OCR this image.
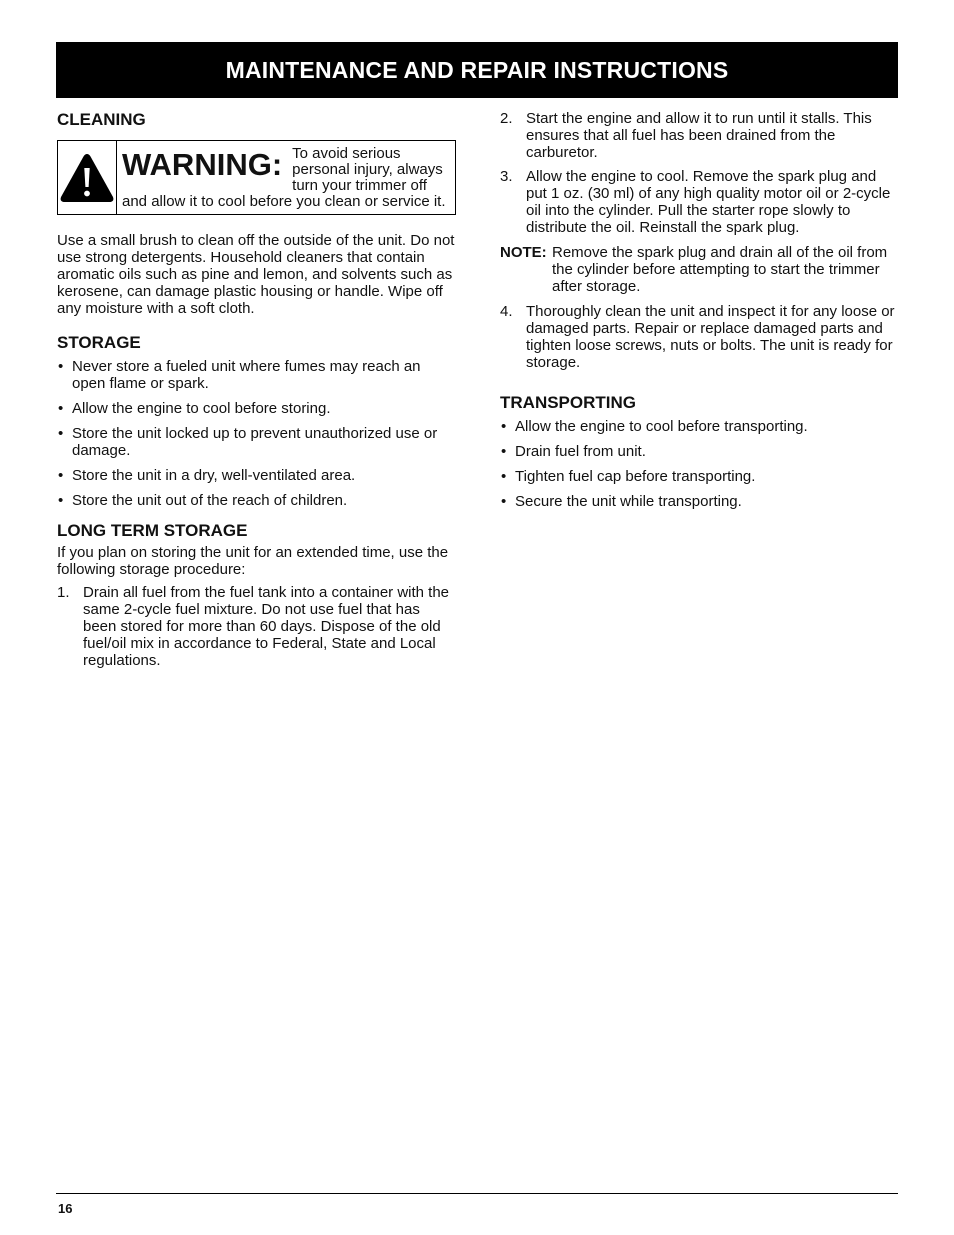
MAINTENANCE AND REPAIR INSTRUCTIONS
CLEANING
WARNING: To avoid serious personal injury, always turn your trimmer off and allow it to cool before you clean or service it.

Use a small brush to clean off the outside of the unit. Do not use strong detergents. Household cleaners that contain aromatic oils such as pine and lemon, and solvents such as kerosene, can damage plastic housing or handle. Wipe off any moisture with a soft cloth.

STORAGE
• Never store a fueled unit where fumes may reach an open flame or spark.
• Allow the engine to cool before storing.
• Store the unit locked up to prevent unauthorized use or damage.
• Store the unit in a dry, well-ventilated area.
• Store the unit out of the reach of children.
LONG TERM STORAGE

If you plan on storing the unit for an extended time, use the following storage procedure:

1. Drain all fuel from the fuel tank into a container with the same 2-cycle fuel mixture. Do not use fuel that has been stored for more than 60 days. Dispose of the old fuel/oil mix in accordance to Federal, State and Local regulations.
2. Start the engine and allow it to run until it stalls. This ensures that all fuel has been drained from the carburetor.
3. Allow the engine to cool. Remove the spark plug and put 1 oz. (30 ml) of any high quality motor oil or 2-cycle oil into the cylinder. Pull the starter rope slowly to distribute the oil. Reinstall the spark plug.
NOTE: Remove the spark plug and drain all of the oil from the cylinder before attempting to start the trimmer after storage.
4. Thoroughly clean the unit and inspect it for any loose or damaged parts. Repair or replace damaged parts and tighten loose screws, nuts or bolts. The unit is ready for storage.
TRANSPORTING
• Allow the engine to cool before transporting.
• Drain fuel from unit.
• Tighten fuel cap before transporting.
• Secure the unit while transporting.
16
